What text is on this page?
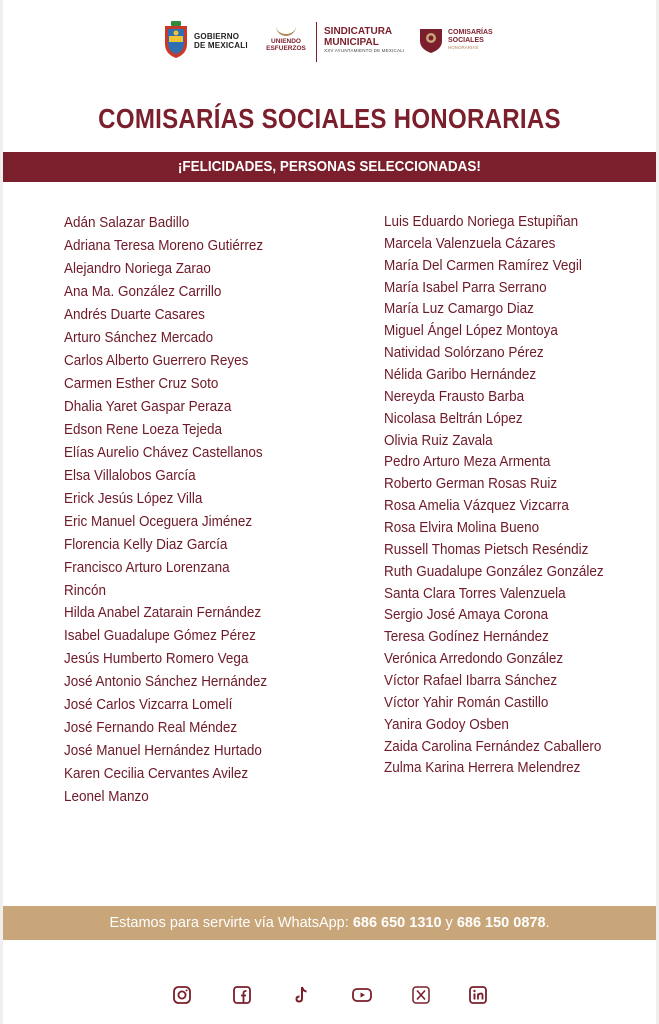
GOBIERNO
DE MEXICALI	UNIENDO
ESFUERZOS
SINDICATURA
MUNICIPAL
XXV AYUNTAMIENTO DE MEXICALI
COMISARÍAS
SOCIALES
HONORARIAS
COMISARÍAS SOCIALES HONORARIAS
¡FELICIDADES, PERSONAS SELECCIONADAS!
Adán Salazar Badillo
Adriana Teresa Moreno Gutiérrez
Alejandro Noriega Zarao
Ana Ma. González Carrillo
Andrés Duarte Casares
Arturo Sánchez Mercado
Carlos Alberto Guerrero Reyes
Carmen Esther Cruz Soto
Dhalia Yaret Gaspar Peraza
Edson Rene Loeza Tejeda
Elías Aurelio Chávez Castellanos
Elsa Villalobos García
Erick Jesús López Villa
Eric Manuel Oceguera Jiménez
Florencia Kelly Diaz García
Francisco Arturo Lorenzana
Rincón
Hilda Anabel Zatarain Fernández
Isabel Guadalupe Gómez Pérez
Jesús Humberto Romero Vega
José Antonio Sánchez Hernández
José Carlos Vizcarra Lomelí
José Fernando Real Méndez
José Manuel Hernández Hurtado
Karen Cecilia Cervantes Avilez
Leonel Manzo
Luis Eduardo Noriega Estupiñan
Marcela Valenzuela Cázares
María Del Carmen Ramírez Vegil
María Isabel Parra Serrano
María Luz Camargo Diaz
Miguel Ángel López Montoya
Natividad Solórzano Pérez
Nélida Garibo Hernández
Nereyda Frausto Barba
Nicolasa Beltrán López
Olivia Ruiz Zavala
Pedro Arturo Meza Armenta
Roberto German Rosas Ruiz
Rosa Amelia Vázquez Vizcarra
Rosa Elvira Molina Bueno
Russell Thomas Pietsch Reséndiz
Ruth Guadalupe González González
Santa Clara Torres Valenzuela
Sergio José Amaya Corona
Teresa Godínez Hernández
Verónica Arredondo González
Víctor Rafael Ibarra Sánchez
Víctor Yahir Román Castillo
Yanira Godoy Osben
Zaida Carolina Fernández Caballero
Zulma Karina Herrera Melendrez
Estamos para servirte vía WhatsApp: 686 650 1310 y 686 150 0878.
